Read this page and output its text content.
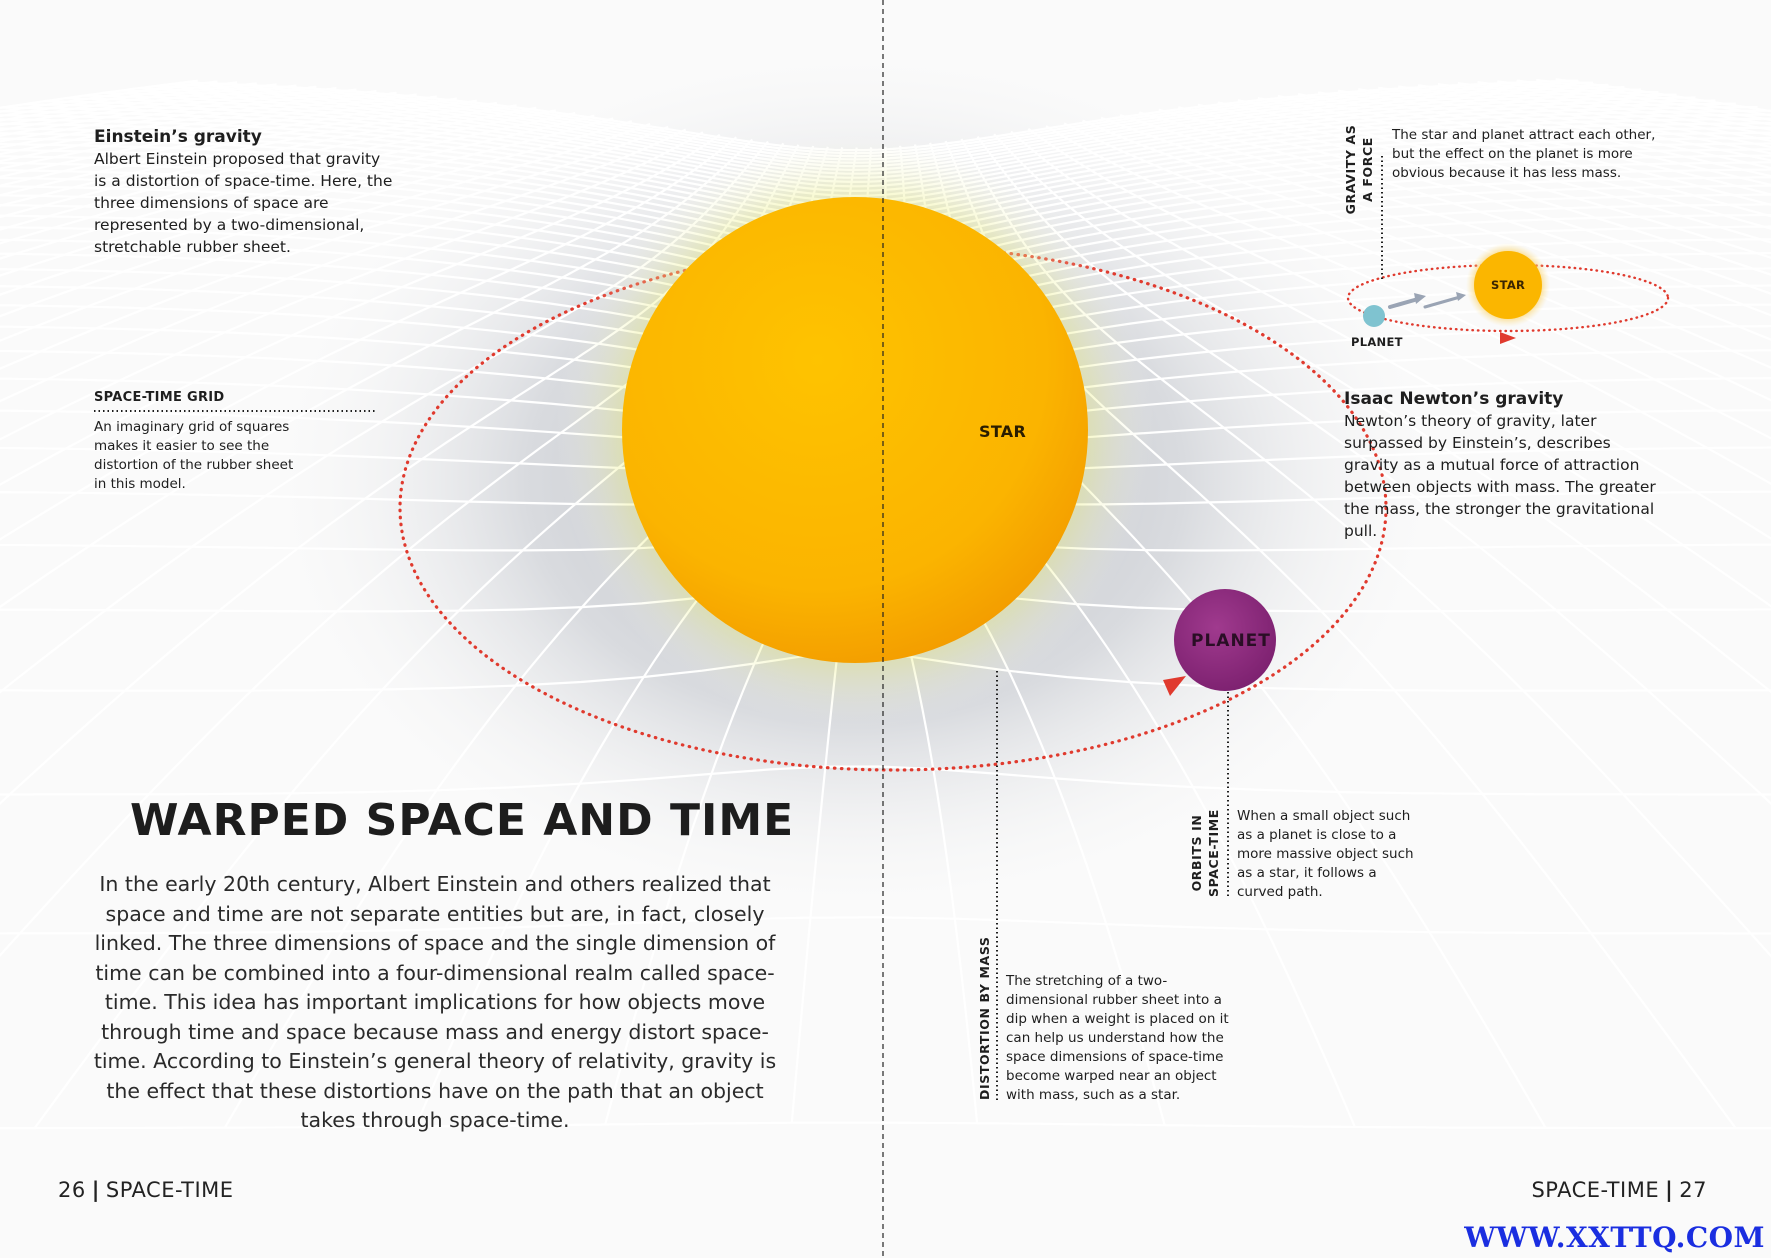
STAR
PLANET
Einstein’s gravity
Albert Einstein proposed that gravity is a distortion of space-time. Here, the three dimensions of space are represented by a two-dimensional, stretchable rubber sheet.
SPACE-TIME GRID
An imaginary grid of squares makes it easier to see the distortion of the rubber sheet in this model.
WARPED SPACE AND TIME
In the early 20th century, Albert Einstein and others realized that space and time are not separate entities but are, in fact, closely linked. The three dimensions of space and the single dimension of time can be combined into a four-dimensional realm called space-time. This idea has important implications for how objects move through time and space because mass and energy distort space-time. According to Einstein’s general theory of relativity, gravity is the effect that these distortions have on the path that an object takes through space-time.
GRAVITY AS A FORCE
The star and planet attract each other, but the effect on the planet is more obvious because it has less mass.
STAR
PLANET
Isaac Newton’s gravity
Newton’s theory of gravity, later surpassed by Einstein’s, describes gravity as a mutual force of attraction between objects with mass. The greater the mass, the stronger the gravitational pull.
ORBITS IN SPACE-TIME When a small object such as a planet is close to a more massive object such as a star, it follows a curved path.
DISTORTION BY MASS The stretching of a two-dimensional rubber sheet into a dip when a weight is placed on it can help us understand how the space dimensions of space-time become warped near an object with mass, such as a star.
26 | SPACE-TIME	SPACE-TIME | 27
WWW.XXTTQ.COM
